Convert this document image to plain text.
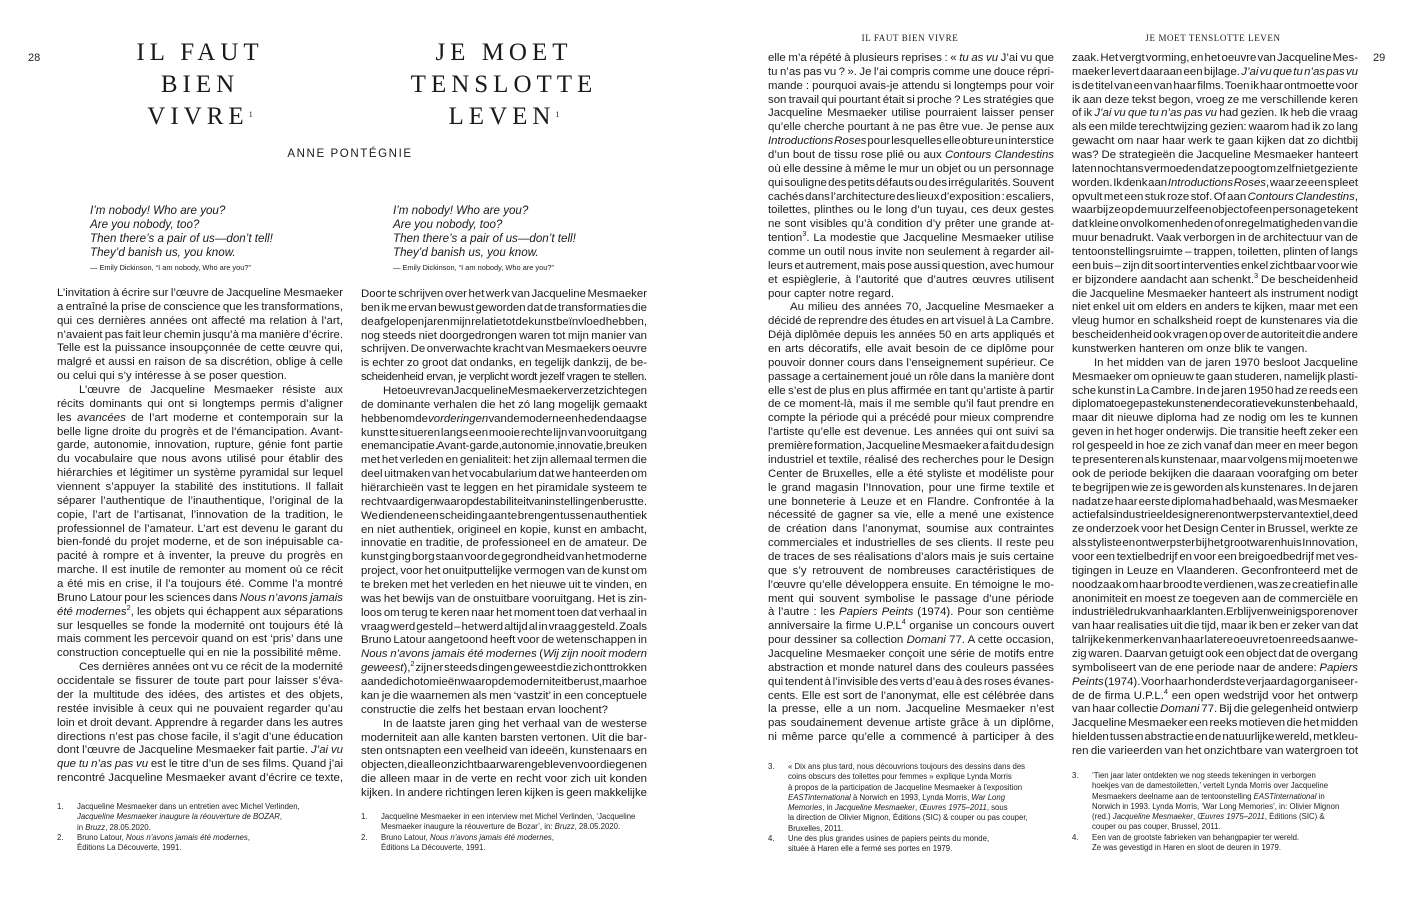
28	IL FAUT
BIEN
VIVRE$^1$
JE MOET
TENSLOTTE
LEVEN$^1$
ANNE PONTÉGNIE
I’m nobody! Who are you?
Are you nobody, too?
Then there’s a pair of us—don’t tell!
They’d banish us, you know.
— Emily Dickinson, “I am nobody, Who are you?”
I’m nobody! Who are you?
Are you nobody, too?
Then there’s a pair of us—don’t tell!
They’d banish us, you know.
— Emily Dickinson, “I am nobody, Who are you?”
IL FAUT BIEN VIVRE	JE MOET TENSLOTTE LEVEN
29
L’invitation à écrire sur l’œuvre de Jacqueline Mesmaeker
a entraîné la prise de conscience que les transformations,
qui ces dernières années ont affecté ma relation à l’art,
n’avaient pas fait leur chemin jusqu’à ma manière d’écrire.
Telle est la puissance insoupçonnée de cette œuvre qui,
malgré et aussi en raison de sa discrétion, oblige à celle
ou celui qui s’y intéresse à se poser question.
L’œuvre de Jacqueline Mesmaeker résiste aux
récits dominants qui ont si longtemps permis d’aligner
les avancées de l’art moderne et contemporain sur la
belle ligne droite du progrès et de l’émancipation. Avant-
garde, autonomie, innovation, rupture, génie font partie
du vocabulaire que nous avons utilisé pour établir des
hiérarchies et légitimer un système pyramidal sur lequel
viennent s’appuyer la stabilité des institutions. Il fallait
séparer l’authentique de l’inauthentique, l’original de la
copie, l’art de l’artisanat, l’innovation de la tradition, le
professionnel de l’amateur. L’art est devenu le garant du
bien-fondé du projet moderne, et de son inépuisable ca-
pacité à rompre et à inventer, la preuve du progrès en
marche. Il est inutile de remonter au moment où ce récit
a été mis en crise, il l’a toujours été. Comme l’a montré
Bruno Latour pour les sciences dans Nous n’avons jamais
été modernes$^2$, les objets qui échappent aux séparations
sur lesquelles se fonde la modernité ont toujours été là
mais comment les percevoir quand on est ‘pris’ dans une
construction conceptuelle qui en nie la possibilité même.
Ces dernières années ont vu ce récit de la modernité
occidentale se fissurer de toute part pour laisser s’éva-
der la multitude des idées, des artistes et des objets,
restée invisible à ceux qui ne pouvaient regarder qu’au
loin et droit devant. Apprendre à regarder dans les autres
directions n’est pas chose facile, il s’agit d’une éducation
dont l’œuvre de Jacqueline Mesmaeker fait partie. J’ai vu
que tu n’as pas vu est le titre d’un de ses films. Quand j’ai
rencontré Jacqueline Mesmaeker avant d’écrire ce texte,
Door te schrijven over het werk van Jacqueline Mesmaeker
ben ik me ervan bewust geworden dat de transformaties die
de afgelopen jaren mijn relatie tot de kunst beïnvloed hebben,
nog steeds niet doorgedrongen waren tot mijn manier van
schrijven. De onverwachte kracht van Mesmaekers oeuvre
is echter zo groot dat ondanks, en tegelijk dankzij, de be-
scheidenheid ervan, je verplicht wordt jezelf vragen te stellen.
Het oeuvre van Jacqueline Mesmaeker verzet zich tegen
de dominante verhalen die het zó lang mogelijk gemaakt
hebben om de vorderingen van de moderne en hedendaagse
kunst te situeren langs een mooie rechte lijn van vooruitgang
en emancipatie. Avant-garde, autonomie, innovatie, breuken
met het verleden en genialiteit: het zijn allemaal termen die
deel uitmaken van het vocabularium dat we hanteerden om
hiërarchieën vast te leggen en het piramidale systeem te
rechtvaardigen waarop de stabiliteit van instellingen berustte.
We dienden een scheiding aan te brengen tussen authentiek
en niet authentiek, origineel en kopie, kunst en ambacht,
innovatie en traditie, de professioneel en de amateur. De
kunst ging borg staan voor de gegrondheid van het moderne
project, voor het onuitputtelijke vermogen van de kunst om
te breken met het verleden en het nieuwe uit te vinden, en
was het bewijs van de onstuitbare vooruitgang. Het is zin-
loos om terug te keren naar het moment toen dat verhaal in
vraag werd gesteld – het werd altijd al in vraag gesteld. Zoals
Bruno Latour aangetoond heeft voor de wetenschappen in
Nous n’avons jamais été modernes (Wij zijn nooit modern
geweest),$^2$ zijn er steeds dingen geweest die zich onttrokken
aan de dichotomieën waarop de moderniteit berust, maar hoe
kan je die waarnemen als men ‘vastzit’ in een conceptuele
constructie die zelfs het bestaan ervan loochent?
In de laatste jaren ging het verhaal van de westerse
moderniteit aan alle kanten barsten vertonen. Uit die bar-
sten ontsnapten een veelheid van ideeën, kunstenaars en
objecten, die alle onzichtbaar waren gebleven voor diegenen
die alleen maar in de verte en recht voor zich uit konden
kijken. In andere richtingen leren kijken is geen makkelijke
elle m’a répété à plusieurs reprises : « tu as vu J’ai vu que
tu n’as pas vu ? ». Je l’ai compris comme une douce répri-
mande : pourquoi avais-je attendu si longtemps pour voir
son travail qui pourtant était si proche ? Les stratégies que
Jacqueline Mesmaeker utilise pourraient laisser penser
qu’elle cherche pourtant à ne pas être vue. Je pense aux
Introductions Roses pour lesquelles elle obture un interstice
d’un bout de tissu rose plié ou aux Contours Clandestins
où elle dessine à même le mur un objet ou un personnage
qui souligne des petits défauts ou des irrégularités. Souvent
cachés dans l’architecture des lieux d’exposition : escaliers,
toilettes, plinthes ou le long d’un tuyau, ces deux gestes
ne sont visibles qu’à condition d’y prêter une grande at-
tention$^3$. La modestie que Jacqueline Mesmaeker utilise
comme un outil nous invite non seulement à regarder ail-
leurs et autrement, mais pose aussi question, avec humour
et espièglerie, à l’autorité que d’autres œuvres utilisent
pour capter notre regard.
Au milieu des années 70, Jacqueline Mesmaeker a
décidé de reprendre des études en art visuel à La Cambre.
Déjà diplômée depuis les années 50 en arts appliqués et
en arts décoratifs, elle avait besoin de ce diplôme pour
pouvoir donner cours dans l’enseignement supérieur. Ce
passage a certainement joué un rôle dans la manière dont
elle s’est de plus en plus affirmée en tant qu’artiste à partir
de ce moment-là, mais il me semble qu’il faut prendre en
compte la période qui a précédé pour mieux comprendre
l’artiste qu’elle est devenue. Les années qui ont suivi sa
première formation, Jacqueline Mesmaeker a fait du design
industriel et textile, réalisé des recherches pour le Design
Center de Bruxelles, elle a été styliste et modéliste pour
le grand magasin l’Innovation, pour une firme textile et
une bonneterie à Leuze et en Flandre. Confrontée à la
nécessité de gagner sa vie, elle a mené une existence
de création dans l’anonymat, soumise aux contraintes
commerciales et industrielles de ses clients. Il reste peu
de traces de ses réalisations d’alors mais je suis certaine
que s’y retrouvent de nombreuses caractéristiques de
l’œuvre qu’elle développera ensuite. En témoigne le mo-
ment qui souvent symbolise le passage d’une période
à l’autre : les Papiers Peints (1974). Pour son centième
anniversaire la firme $U.P.L^4$ organise un concours ouvert
pour dessiner sa collection Domani 77. A cette occasion,
Jacqueline Mesmaeker conçoit une série de motifs entre
abstraction et monde naturel dans des couleurs passées
qui tendent à l’invisible des verts d’eau à des roses évanes-
cents. Elle est sort de l’anonymat, elle est célébrée dans
la presse, elle a un nom. Jacqueline Mesmaeker n’est
pas soudainement devenue artiste grâce à un diplôme,
ni même parce qu’elle a commencé à participer à des
zaak. Het vergt vorming, en het oeuvre van Jacqueline Mes-
maeker levert daaraan een bijlage. J’ai vu que tu n’as pas vu
is de titel van een van haar films. Toen ik haar ontmoette voor
ik aan deze tekst begon, vroeg ze me verschillende keren
of ik J’ai vu que tu n’as pas vu had gezien. Ik heb die vraag
als een milde terechtwijzing gezien: waarom had ik zo lang
gewacht om naar haar werk te gaan kijken dat zo dichtbij
was? De strategieën die Jacqueline Mesmaeker hanteert
laten nochtans vermoeden dat ze poogt om zelf niet gezien te
worden. Ik denk aan Introductions Roses, waar ze een spleet
opvult met een stuk roze stof. Of aan Contours Clandestins,
waarbij ze op de muur zelf een object of een personage tekent
dat kleine onvolkomenheden of onregelmatigheden van die
muur benadrukt. Vaak verborgen in de architectuur van de
tentoonstellingsruimte – trappen, toiletten, plinten of langs
een buis – zijn dit soort interventies enkel zichtbaar voor wie
er bijzondere aandacht aan schenkt.$^3$ De bescheidenheid
die Jacqueline Mesmaeker hanteert als instrument nodigt
niet enkel uit om elders en anders te kijken, maar met een
vleug humor en schalksheid roept de kunstenares via die
bescheidenheid ook vragen op over de autoriteit die andere
kunstwerken hanteren om onze blik te vangen.
In het midden van de jaren 1970 besloot Jacqueline
Mesmaeker om opnieuw te gaan studeren, namelijk plasti-
sche kunst in La Cambre. In de jaren 1950 had ze reeds een
diploma toegepaste kunsten en decoratieve kunsten behaald,
maar dit nieuwe diploma had ze nodig om les te kunnen
geven in het hoger onderwijs. Die transitie heeft zeker een
rol gespeeld in hoe ze zich vanaf dan meer en meer begon
te presenteren als kunstenaar, maar volgens mij moeten we
ook de periode bekijken die daaraan voorafging om beter
te begrijpen wie ze is geworden als kunstenares. In de jaren
nadat ze haar eerste diploma had behaald, was Mesmaeker
actief als industrieel designer en ontwerpster van textiel, deed
ze onderzoek voor het Design Center in Brussel, werkte ze
als styliste en ontwerpster bij het grootwarenhuis Innovation,
voor een textielbedrijf en voor een breigoedbedrijf met ves-
tigingen in Leuze en Vlaanderen. Geconfronteerd met de
noodzaak om haar brood te verdienen, was ze creatief in alle
anonimiteit en moest ze toegeven aan de commerciële en
industriële druk van haar klanten. Er blijven weinig sporen over
van haar realisaties uit die tijd, maar ik ben er zeker van dat
talrijke kenmerken van haar latere oeuvre toen reeds aanwe-
zig waren. Daarvan getuigt ook een object dat de overgang
symboliseert van de ene periode naar de andere: Papiers
Peints (1974). Voor haar honderdste verjaardag organiseer-
de de firma U.P.L.$^4$ een open wedstrijd voor het ontwerp
van haar collectie Domani 77. Bij die gelegenheid ontwierp
Jacqueline Mesmaeker een reeks motieven die het midden
hielden tussen abstractie en de natuurlijke wereld, met kleu-
ren die varieerden van het onzichtbare van watergroen tot
1. Jacqueline Mesmaeker dans un entretien avec Michel Verlinden,
Jacqueline Mesmaeker inaugure la réouverture de BOZAR,
in Bruzz, 28.05.2020.
2. Bruno Latour, Nous n’avons jamais été modernes,
Éditions La Découverte, 1991.
1. Jacqueline Mesmaeker in een interview met Michel Verlinden, ‘Jacqueline
Mesmaeker inaugure la réouverture de Bozar’, in: Bruzz, 28.05.2020.
2. Bruno Latour, Nous n’avons jamais été modernes,
Éditions La Découverte, 1991.
3. « Dix ans plus tard, nous découvrions toujours des dessins dans des
coins obscurs des toilettes pour femmes » explique Lynda Morris
à propos de la participation de Jacqueline Mesmaeker à l’exposition
EASTinternational à Norwich en 1993, Lynda Morris, War Long
Memories, in Jacqueline Mesmaeker, Œuvres 1975–2011, sous
la direction de Olivier Mignon, Éditions (SIC) & couper ou pas couper,
Bruxelles, 2011.
4. Une des plus grandes usines de papiers peints du monde,
située à Haren elle a fermé ses portes en 1979.
3. ‘Tien jaar later ontdekten we nog steeds tekeningen in verborgen
hoekjes van de damestoiletten,’ vertelt Lynda Morris over Jacqueline
Mesmaekers deelname aan de tentoonstelling EASTinternational in
Norwich in 1993. Lynda Morris, ‘War Long Memories’, in: Olivier Mignon
(red.) Jacqueline Mesmaeker, Œuvres 1975–2011, Éditions (SIC) &
couper ou pas couper, Brussel, 2011.
4. Een van de grootste fabrieken van behangpapier ter wereld.
Ze was gevestigd in Haren en sloot de deuren in 1979.
